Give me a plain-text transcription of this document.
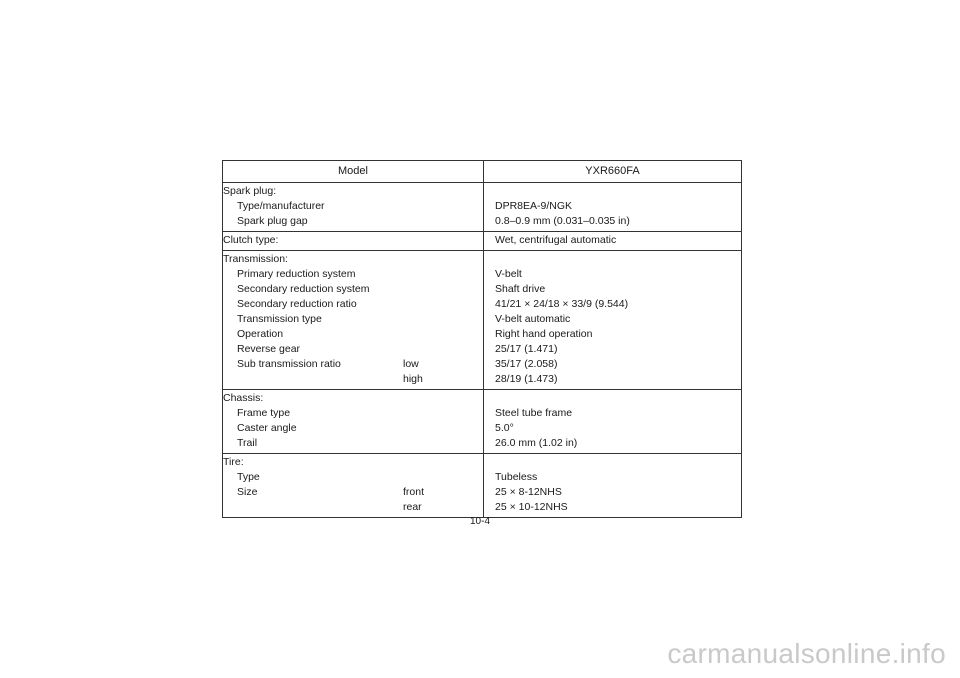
Model	YXR660FA
Spark plug:
Type/manufacturer	DPR8EA-9/NGK
Spark plug gap	0.8–0.9 mm (0.031–0.035 in)
Clutch type:	Wet, centrifugal automatic
Transmission:
Primary reduction system	V-belt
Secondary reduction system	Shaft drive
Secondary reduction ratio	41/21 × 24/18 × 33/9 (9.544)
Transmission type	V-belt automatic
Operation	Right hand operation
Reverse gear	25/17 (1.471)
Sub transmission ratio	low	35/17 (2.058)
high	28/19 (1.473)
Chassis:
Frame type	Steel tube frame
Caster angle	5.0°
Trail	26.0 mm (1.02 in)
Tire:
Type	Tubeless
Size	front	25 × 8-12NHS
rear	25 × 10-12NHS
10-4
carmanualsonline.info
